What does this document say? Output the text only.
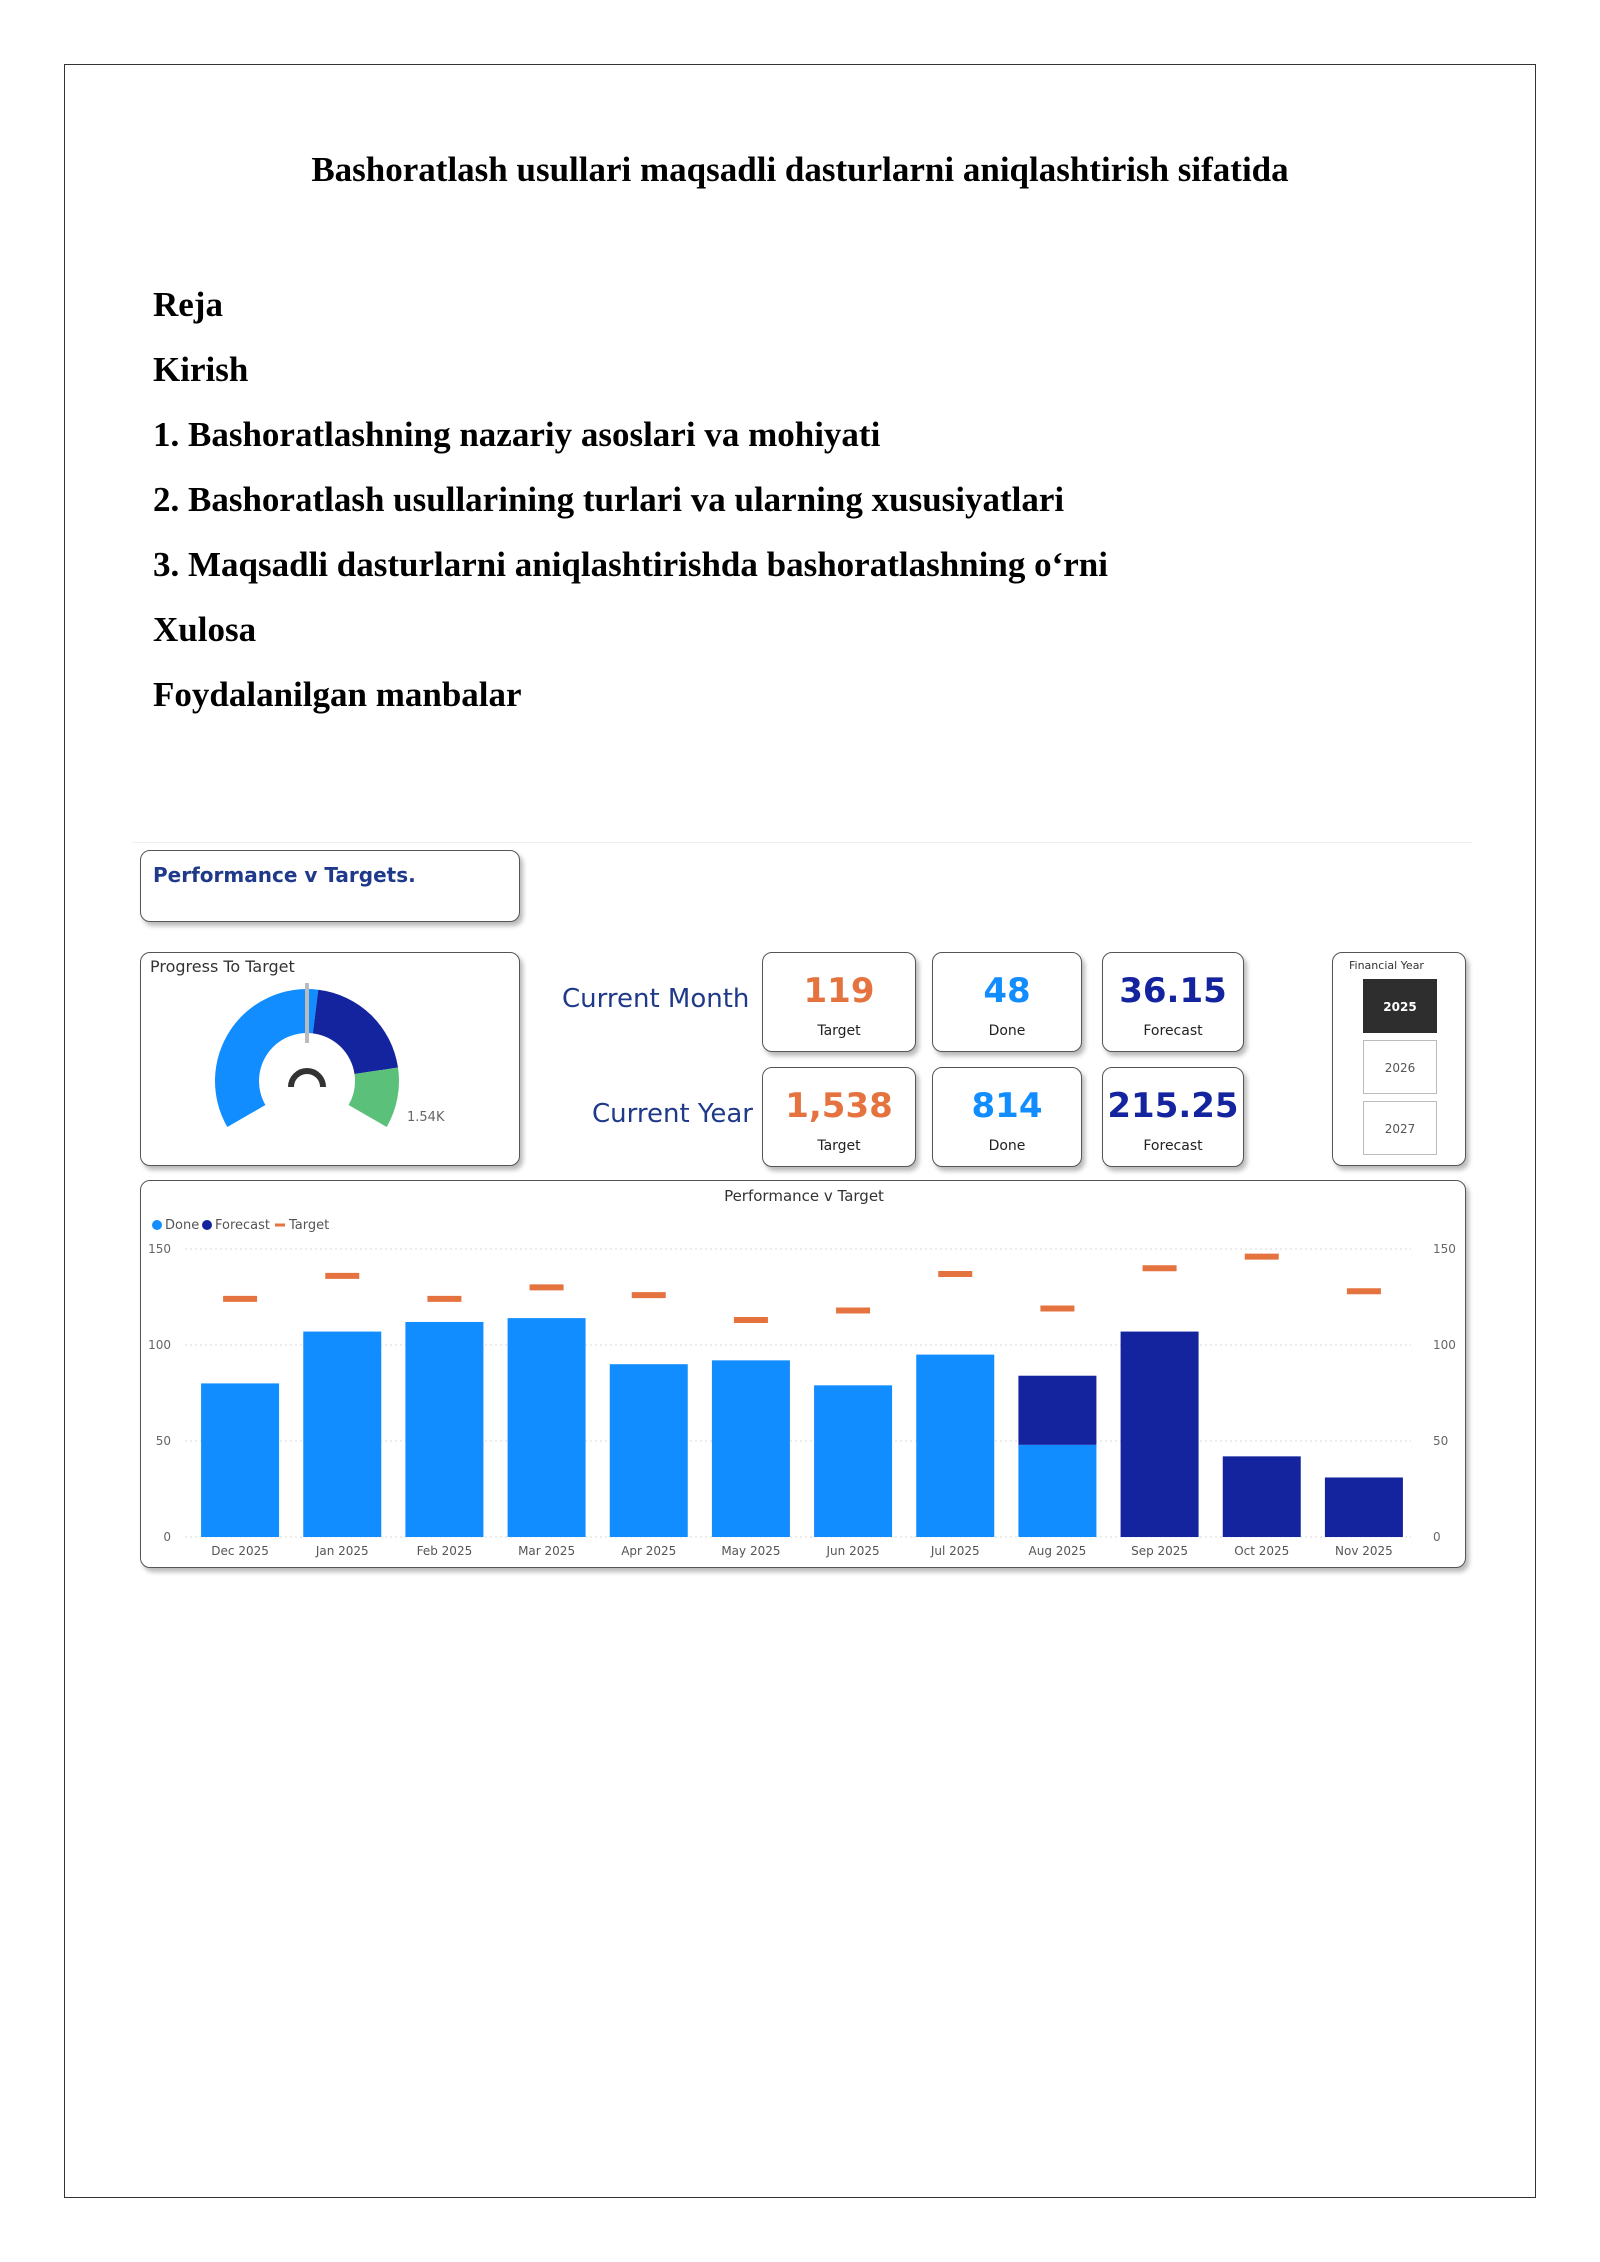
Bashoratlash usullari maqsadli dasturlarni aniqlashtirish sifatida
Reja
Kirish
1. Bashoratlashning nazariy asoslari va mohiyati
2. Bashoratlash usullarining turlari va ularning xususiyatlari
3. Maqsadli dasturlarni aniqlashtirishda bashoratlashning o‘rni
Xulosa
Foydalanilgan manbalar
Performance v Targets.
Progress To Target
1.54K
Current Month
Current Year
119
Target
48
Done
36.15
Forecast
1,538
Target
814
Done
215.25
Forecast
Financial Year
2025
2026
2027
Performance v Target
Done Forecast Target
0	0
50	50
100	100
150	150
Dec 2025	Jan 2025	Feb 2025	Mar 2025	Apr 2025	May 2025	Jun 2025	Jul 2025	Aug 2025	Sep 2025	Oct 2025	Nov 2025
